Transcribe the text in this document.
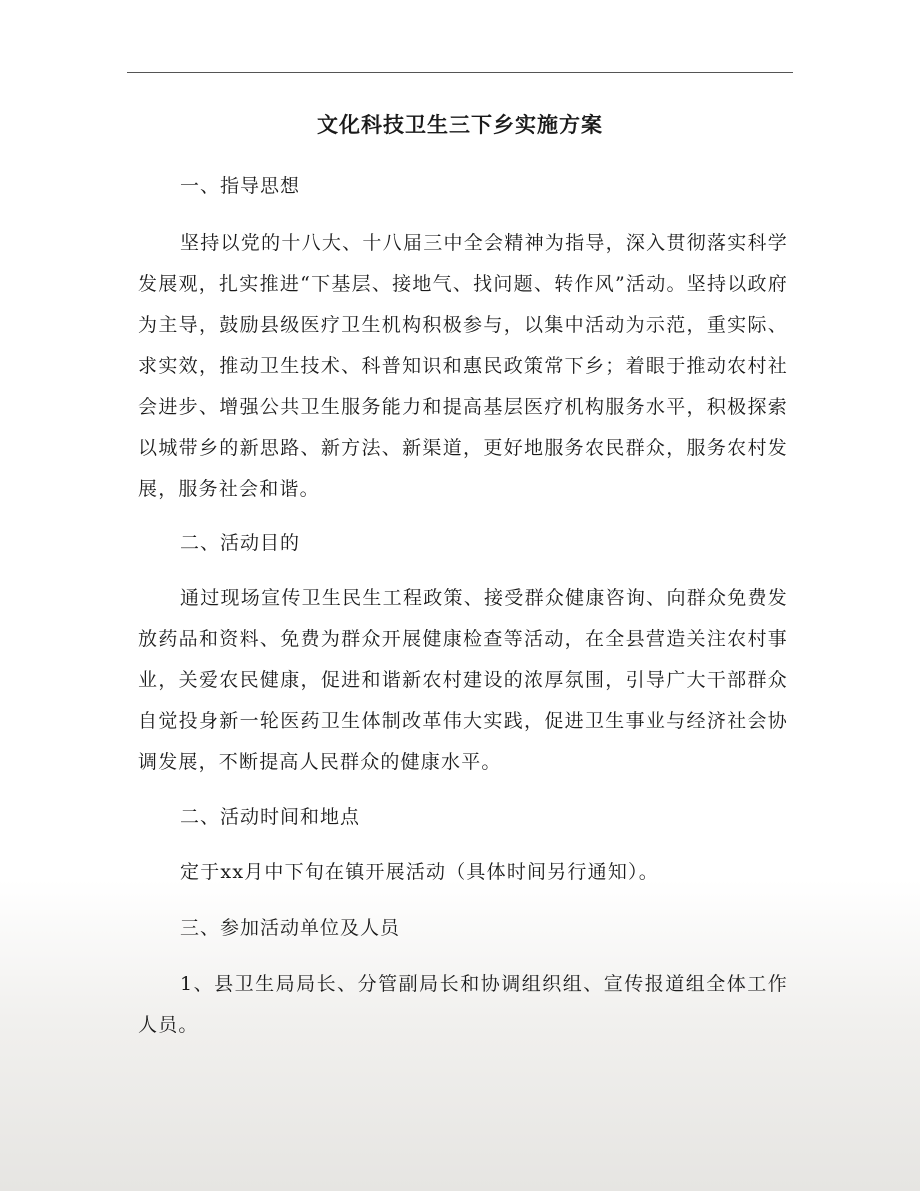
文化科技卫生三下乡实施方案
一、指导思想

坚持以党的十八大、十八届三中全会精神为指导，深入贯彻落实科学发展观，扎实推进“下基层、接地气、找问题、转作风”活动。坚持以政府为主导，鼓励县级医疗卫生机构积极参与，以集中活动为示范，重实际、求实效，推动卫生技术、科普知识和惠民政策常下乡；着眼于推动农村社会进步、增强公共卫生服务能力和提高基层医疗机构服务水平，积极探索以城带乡的新思路、新方法、新渠道，更好地服务农民群众，服务农村发展，服务社会和谐。

二、活动目的

通过现场宣传卫生民生工程政策、接受群众健康咨询、向群众免费发放药品和资料、免费为群众开展健康检查等活动，在全县营造关注农村事业，关爱农民健康，促进和谐新农村建设的浓厚氛围，引导广大干部群众自觉投身新一轮医药卫生体制改革伟大实践，促进卫生事业与经济社会协调发展，不断提高人民群众的健康水平。

二、活动时间和地点

定于xx月中下旬在镇开展活动（具体时间另行通知）。

三、参加活动单位及人员

1、县卫生局局长、分管副局长和协调组织组、宣传报道组全体工作人员。
